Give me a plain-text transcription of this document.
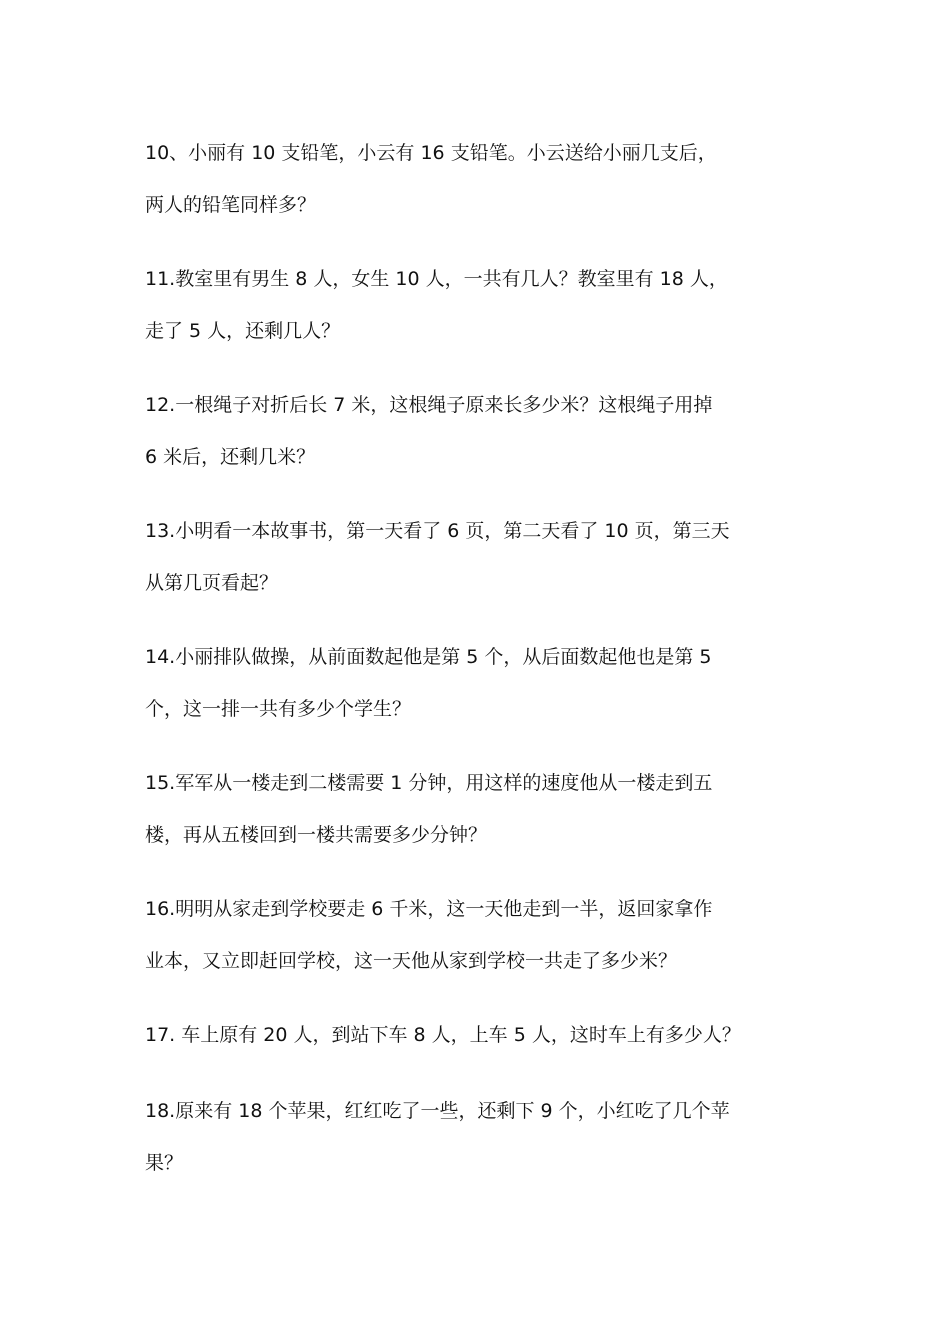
10、小丽有 10 支铅笔，小云有 16 支铅笔。小云送给小丽几支后，
两人的铅笔同样多？
11.教室里有男生 8 人，女生 10 人，一共有几人？教室里有 18 人，
走了 5 人，还剩几人？
12.一根绳子对折后长 7 米，这根绳子原来长多少米？这根绳子用掉
6 米后，还剩几米？
13.小明看一本故事书，第一天看了 6 页，第二天看了 10 页，第三天
从第几页看起？
14.小丽排队做操，从前面数起他是第 5 个，从后面数起他也是第 5
个，这一排一共有多少个学生？
15.军军从一楼走到二楼需要 1 分钟，用这样的速度他从一楼走到五
楼，再从五楼回到一楼共需要多少分钟？
16.明明从家走到学校要走 6 千米，这一天他走到一半，返回家拿作
业本，又立即赶回学校，这一天他从家到学校一共走了多少米？
17. 车上原有 20 人，到站下车 8 人，上车 5 人，这时车上有多少人？
18.原来有 18 个苹果，红红吃了一些，还剩下 9 个，小红吃了几个苹
果？
